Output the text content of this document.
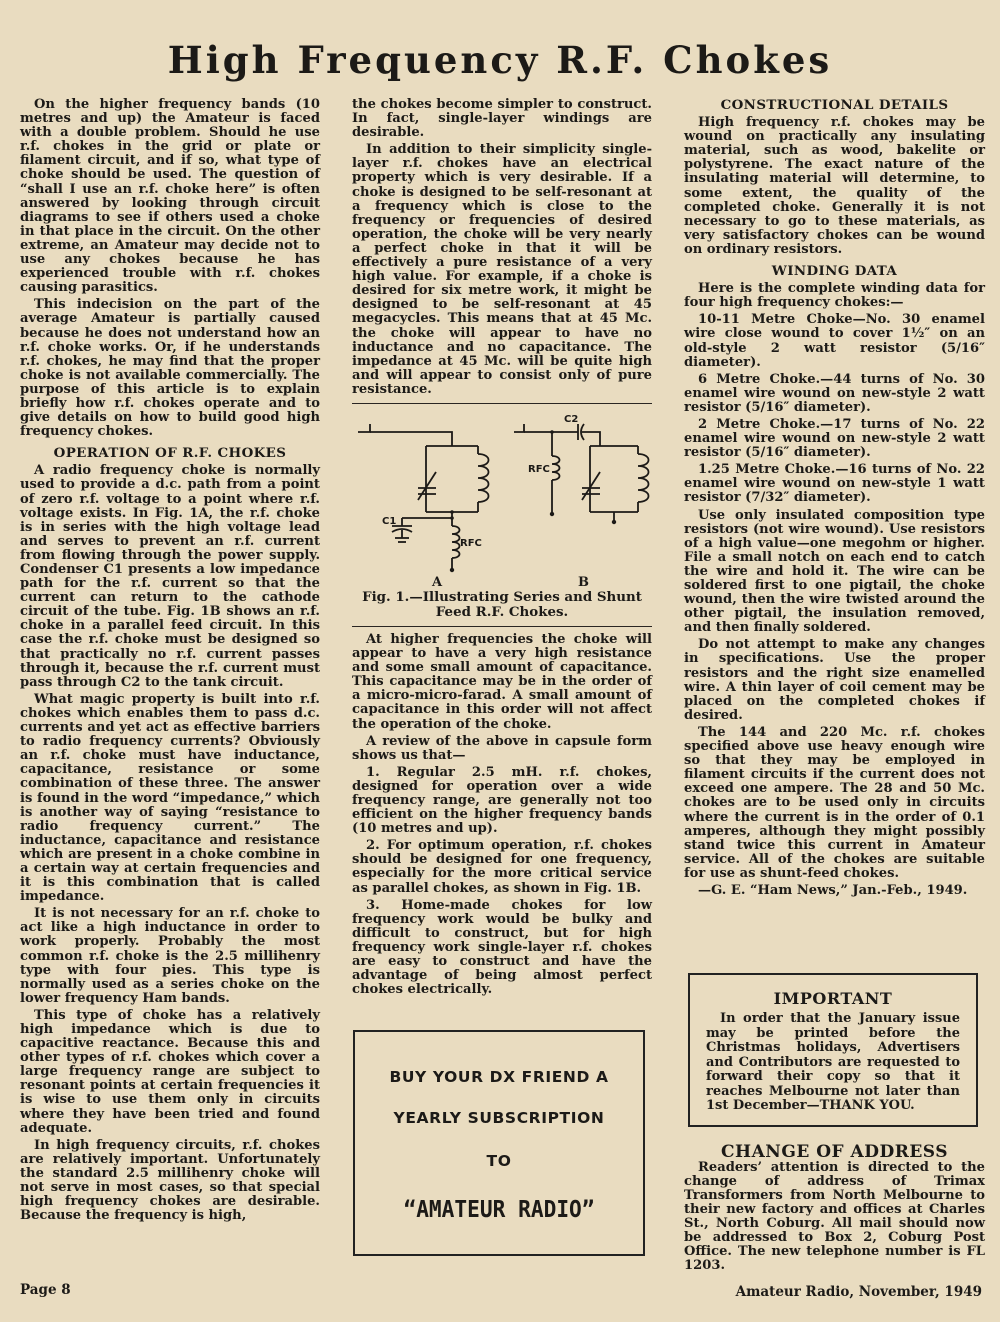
High Frequency R.F. Chokes

On the higher frequency bands (10 metres and up) the Amateur is faced with a double problem. Should he use r.f. chokes in the grid or plate or filament circuit, and if so, what type of choke should be used. The question of “shall I use an r.f. choke here” is often answered by looking through circuit diagrams to see if others used a choke in that place in the circuit. On the other extreme, an Amateur may decide not to use any chokes because he has experienced trouble with r.f. chokes causing parasitics.

This indecision on the part of the average Amateur is partially caused because he does not understand how an r.f. choke works. Or, if he understands r.f. chokes, he may find that the proper choke is not available commercially. The purpose of this article is to explain briefly how r.f. chokes operate and to give details on how to build good high frequency chokes.

OPERATION OF R.F. CHOKES

A radio frequency choke is normally used to provide a d.c. path from a point of zero r.f. voltage to a point where r.f. voltage exists. In Fig. 1A, the r.f. choke is in series with the high voltage lead and serves to prevent an r.f. current from flowing through the power supply. Condenser C1 presents a low impedance path for the r.f. current so that the current can return to the cathode circuit of the tube. Fig. 1B shows an r.f. choke in a parallel feed circuit. In this case the r.f. choke must be designed so that practically no r.f. current passes through it, because the r.f. current must pass through C2 to the tank circuit.

What magic property is built into r.f. chokes which enables them to pass d.c. currents and yet act as effective barriers to radio frequency currents? Obviously an r.f. choke must have inductance, capacitance, resistance or some combination of these three. The answer is found in the word “impedance,” which is another way of saying “resistance to radio frequency current.” The inductance, capacitance and resistance which are present in a choke combine in a certain way at certain frequencies and it is this combination that is called impedance.

It is not necessary for an r.f. choke to act like a high inductance in order to work properly. Probably the most common r.f. choke is the 2.5 millihenry type with four pies. This type is normally used as a series choke on the lower frequency Ham bands.

This type of choke has a relatively high impedance which is due to capacitive reactance. Because this and other types of r.f. chokes which cover a large frequency range are subject to resonant points at certain frequencies it is wise to use them only in circuits where they have been tried and found adequate.

In high frequency circuits, r.f. chokes are relatively important. Unfortunately the standard 2.5 millihenry choke will not serve in most cases, so that special high frequency chokes are desirable. Because the frequency is high,

the chokes become simpler to construct. In fact, single-layer windings are desirable.

In addition to their simplicity single-layer r.f. chokes have an electrical property which is very desirable. If a choke is designed to be self-resonant at a frequency which is close to the frequency or frequencies of desired operation, the choke will be very nearly a perfect choke in that it will be effectively a pure resistance of a very high value. For example, if a choke is desired for six metre work, it might be designed to be self-resonant at 45 megacycles. This means that at 45 Mc. the choke will appear to have no inductance and no capacitance. The impedance at 45 Mc. will be quite high and will appear to consist only of pure resistance.

C1
C2
RFC
RFC
A	B
Fig. 1.—Illustrating Series and Shunt Feed R.F. Chokes.

At higher frequencies the choke will appear to have a very high resistance and some small amount of capacitance. This capacitance may be in the order of a micro-micro-farad. A small amount of capacitance in this order will not affect the operation of the choke.

A review of the above in capsule form shows us that—

1. Regular 2.5 mH. r.f. chokes, designed for operation over a wide frequency range, are generally not too efficient on the higher frequency bands (10 metres and up).

2. For optimum operation, r.f. chokes should be designed for one frequency, especially for the more critical service as parallel chokes, as shown in Fig. 1B.

3. Home-made chokes for low frequency work would be bulky and difficult to construct, but for high frequency work single-layer r.f. chokes are easy to construct and have the advantage of being almost perfect chokes electrically.

BUY YOUR DX FRIEND A
YEARLY SUBSCRIPTION
TO
“AMATEUR RADIO”
CONSTRUCTIONAL DETAILS

High frequency r.f. chokes may be wound on practically any insulating material, such as wood, bakelite or polystyrene. The exact nature of the insulating material will determine, to some extent, the quality of the completed choke. Generally it is not necessary to go to these materials, as very satisfactory chokes can be wound on ordinary resistors.

WINDING DATA

Here is the complete winding data for four high frequency chokes:—

10-11 Metre Choke—No. 30 enamel wire close wound to cover 1½″ on an old-style 2 watt resistor (5/16″ diameter).

6 Metre Choke.—44 turns of No. 30 enamel wire wound on new-style 2 watt resistor (5/16″ diameter).

2 Metre Choke.—17 turns of No. 22 enamel wire wound on new-style 2 watt resistor (5/16″ diameter).

1.25 Metre Choke.—16 turns of No. 22 enamel wire wound on new-style 1 watt resistor (7/32″ diameter).

Use only insulated composition type resistors (not wire wound). Use resistors of a high value—one megohm or higher. File a small notch on each end to catch the wire and hold it. The wire can be soldered first to one pigtail, the choke wound, then the wire twisted around the other pigtail, the insulation removed, and then finally soldered.

Do not attempt to make any changes in specifications. Use the proper resistors and the right size enamelled wire. A thin layer of coil cement may be placed on the completed chokes if desired.

The 144 and 220 Mc. r.f. chokes specified above use heavy enough wire so that they may be employed in filament circuits if the current does not exceed one ampere. The 28 and 50 Mc. chokes are to be used only in circuits where the current is in the order of 0.1 amperes, although they might possibly stand twice this current in Amateur service. All of the chokes are suitable for use as shunt-feed chokes.

—G. E. “Ham News,” Jan.-Feb., 1949.

IMPORTANT

In order that the January issue may be printed before the Christmas holidays, Advertisers and Contributors are requested to forward their copy so that it reaches Melbourne not later than 1st December—THANK YOU.

CHANGE OF ADDRESS

Readers’ attention is directed to the change of address of Trimax Transformers from North Melbourne to their new factory and offices at Charles St., North Coburg. All mail should now be addressed to Box 2, Coburg Post Office. The new telephone number is FL 1203.

Page 8	Amateur Radio, November, 1949
